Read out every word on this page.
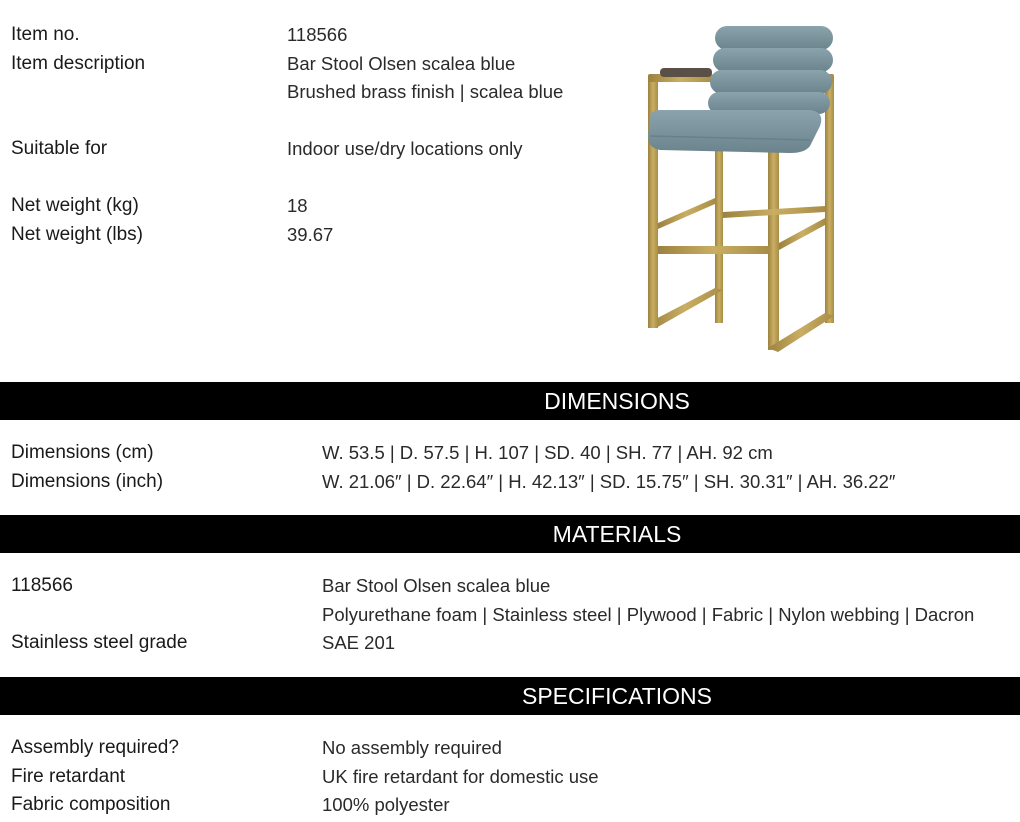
Item no.	118566
Item description	Bar Stool Olsen scalea blue
Brushed brass finish | scalea blue
Suitable for	Indoor use/dry locations only
Net weight (kg)	18
Net weight (lbs)	39.67
DIMENSIONS
Dimensions (cm)	W. 53.5 | D. 57.5 | H. 107 | SD. 40 | SH. 77 | AH. 92 cm
Dimensions (inch)	W. 21.06″ | D. 22.64″ | H. 42.13″ | SD. 15.75″ | SH. 30.31″ | AH. 36.22″
MATERIALS
118566	Bar Stool Olsen scalea blue
Polyurethane foam | Stainless steel | Plywood | Fabric | Nylon webbing | Dacron
Stainless steel grade	SAE 201
SPECIFICATIONS
Assembly required?	No assembly required
Fire retardant	UK fire retardant for domestic use
Fabric composition	100% polyester
